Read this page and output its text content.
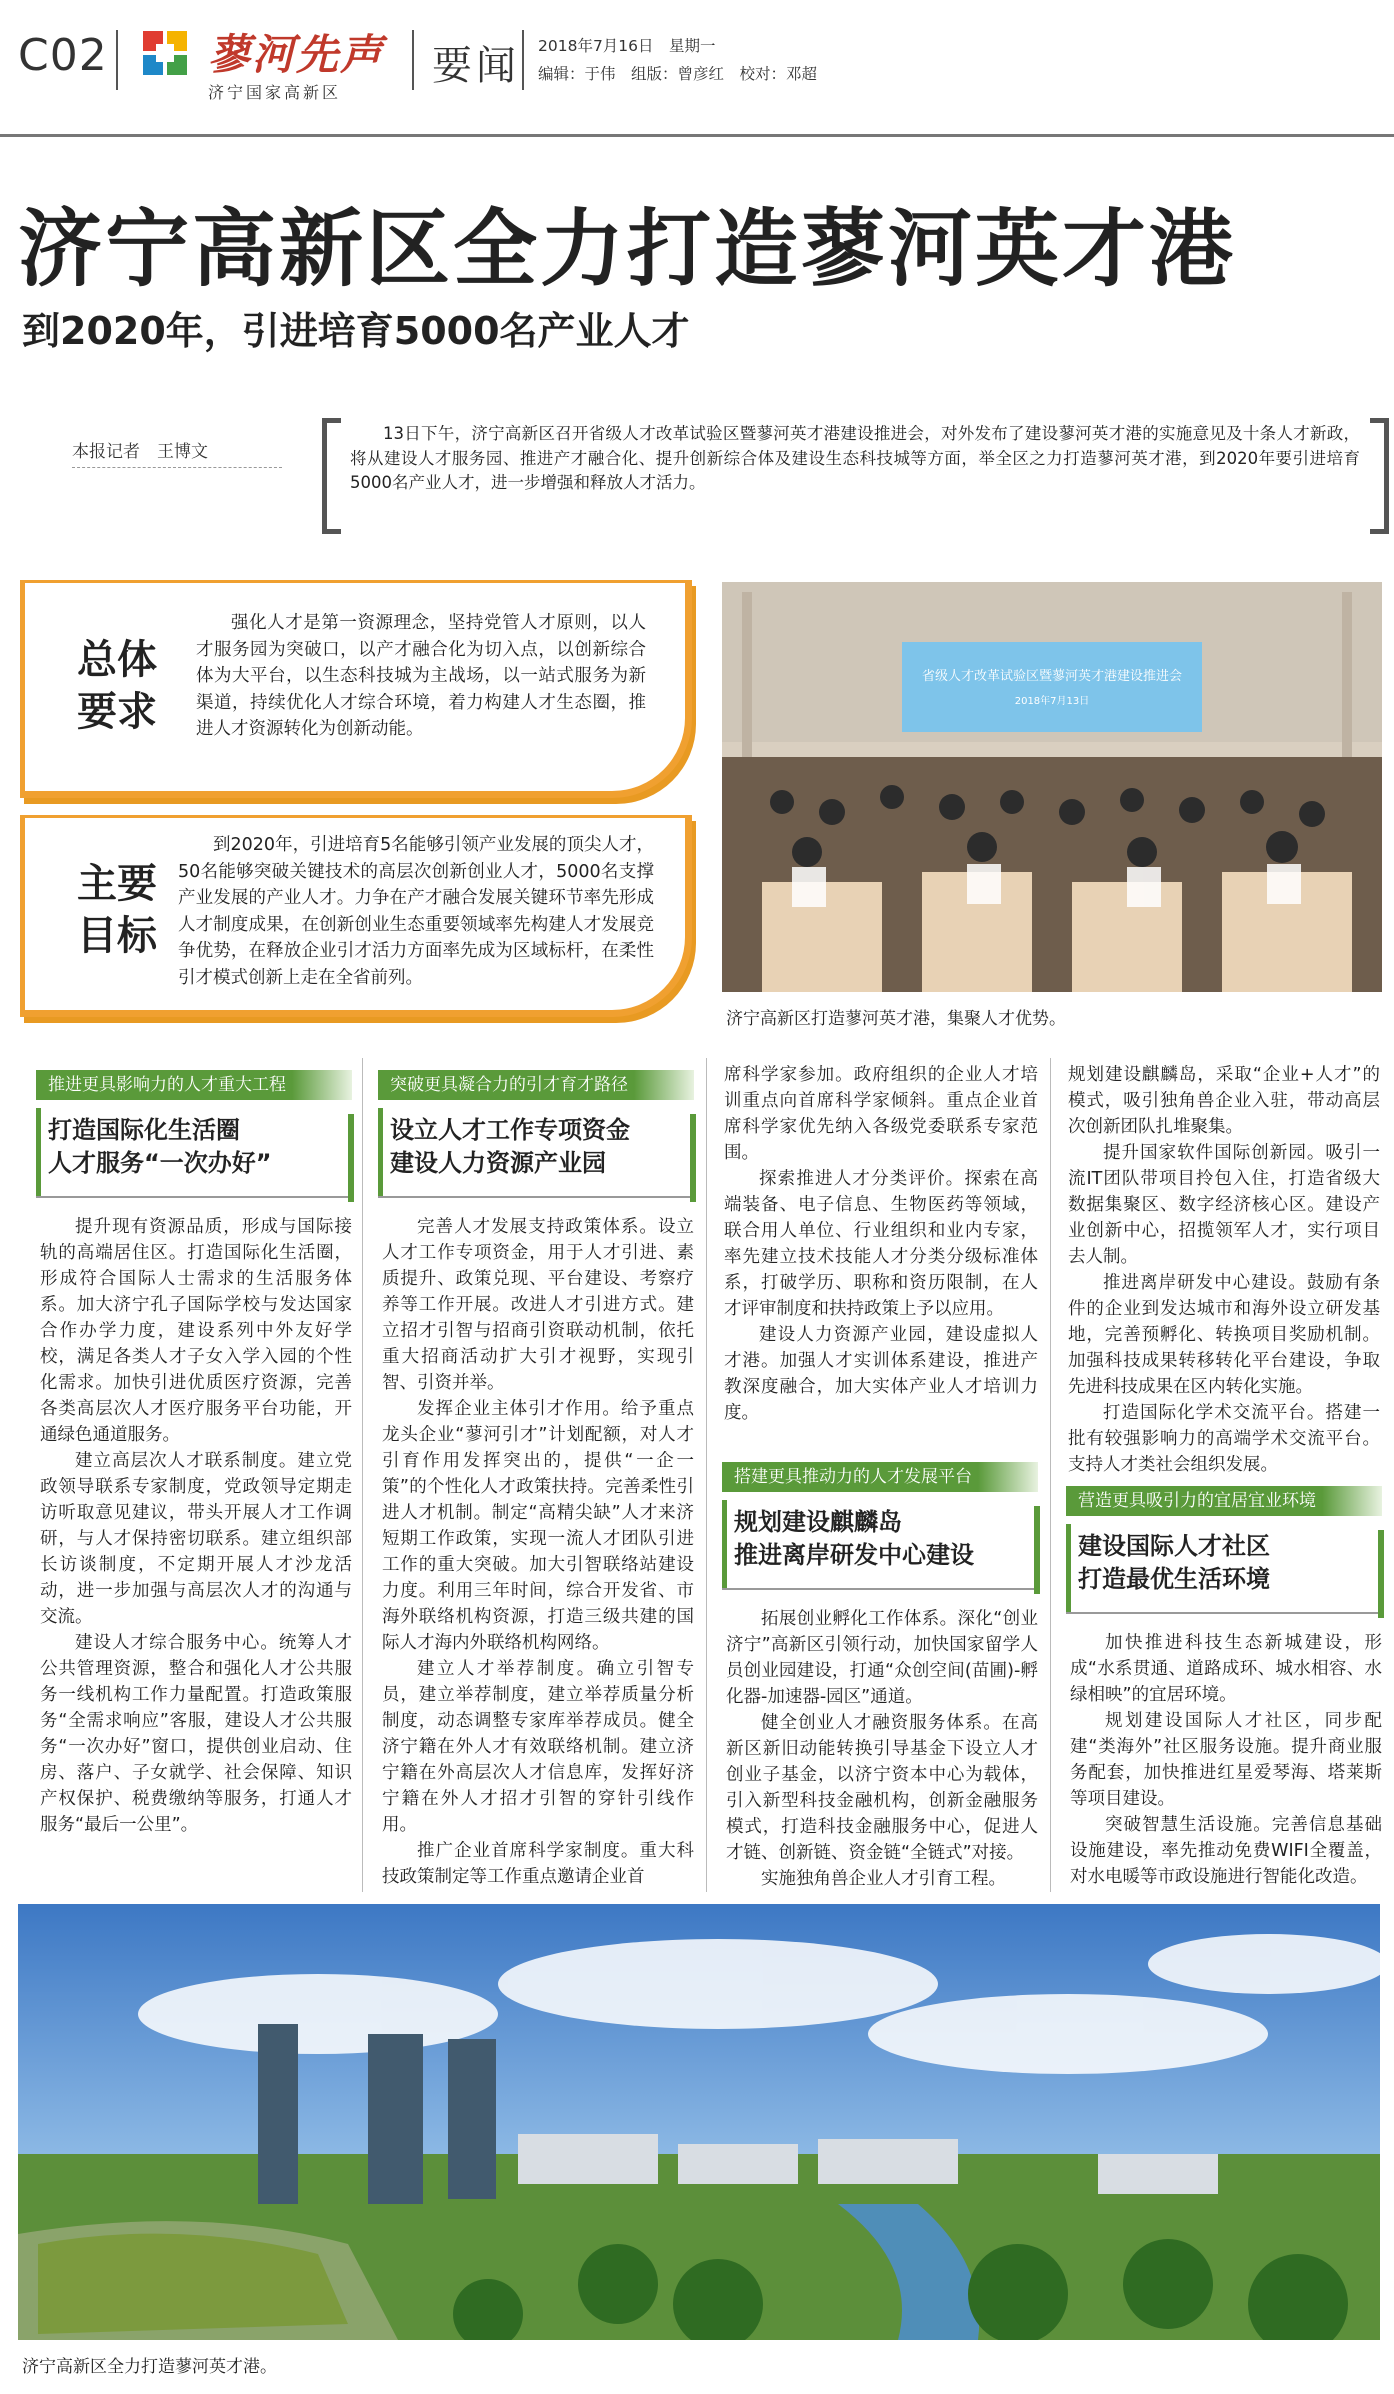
C02 蓼河先声
济宁国家高新区
要闻 2018年7月16日　星期一
编辑：于伟　组版：曾彦红　校对：邓超
济宁高新区全力打造蓼河英才港
到2020年，引进培育5000名产业人才
本报记者　王博文

13日下午，济宁高新区召开省级人才改革试验区暨蓼河英才港建设推进会，对外发布了建设蓼河英才港的实施意见及十条人才新政，将从建设人才服务园、推进产才融合化、提升创新综合体及建设生态科技城等方面，举全区之力打造蓼河英才港，到2020年要引进培育5000名产业人才，进一步增强和释放人才活力。

总体
要求

强化人才是第一资源理念，坚持党管人才原则，以人才服务园为突破口，以产才融合化为切入点，以创新综合体为大平台，以生态科技城为主战场，以一站式服务为新渠道，持续优化人才综合环境，着力构建人才生态圈，推进人才资源转化为创新动能。

主要
目标

到2020年，引进培育5名能够引领产业发展的顶尖人才，50名能够突破关键技术的高层次创新创业人才，5000名支撑产业发展的产业人才。力争在产才融合发展关键环节率先形成人才制度成果，在创新创业生态重要领域率先构建人才发展竞争优势，在释放企业引才活力方面率先成为区域标杆，在柔性引才模式创新上走在全省前列。

省级人才改革试验区暨蓼河英才港建设推进会
2018年7月13日
济宁高新区打造蓼河英才港，集聚人才优势。
推进更具影响力的人才重大工程
打造国际化生活圈
人才服务“一次办好”

提升现有资源品质，形成与国际接轨的高端居住区。打造国际化生活圈，形成符合国际人士需求的生活服务体系。加大济宁孔子国际学校与发达国家合作办学力度，建设系列中外友好学校，满足各类人才子女入学入园的个性化需求。加快引进优质医疗资源，完善各类高层次人才医疗服务平台功能，开通绿色通道服务。

建立高层次人才联系制度。建立党政领导联系专家制度，党政领导定期走访听取意见建议，带头开展人才工作调研，与人才保持密切联系。建立组织部长访谈制度，不定期开展人才沙龙活动，进一步加强与高层次人才的沟通与交流。

建设人才综合服务中心。统筹人才公共管理资源，整合和强化人才公共服务一线机构工作力量配置。打造政策服务“全需求响应”客服，建设人才公共服务“一次办好”窗口，提供创业启动、住房、落户、子女就学、社会保障、知识产权保护、税费缴纳等服务，打通人才服务“最后一公里”。

突破更具凝合力的引才育才路径
设立人才工作专项资金
建设人力资源产业园

完善人才发展支持政策体系。设立人才工作专项资金，用于人才引进、素质提升、政策兑现、平台建设、考察疗养等工作开展。改进人才引进方式。建立招才引智与招商引资联动机制，依托重大招商活动扩大引才视野，实现引智、引资并举。

发挥企业主体引才作用。给予重点龙头企业“蓼河引才”计划配额，对人才引育作用发挥突出的，提供“一企一策”的个性化人才政策扶持。完善柔性引进人才机制。制定“高精尖缺”人才来济短期工作政策，实现一流人才团队引进工作的重大突破。加大引智联络站建设力度。利用三年时间，综合开发省、市海外联络机构资源，打造三级共建的国际人才海内外联络机构网络。

建立人才举荐制度。确立引智专员，建立举荐制度，建立举荐质量分析制度，动态调整专家库举荐成员。健全济宁籍在外人才有效联络机制。建立济宁籍在外高层次人才信息库，发挥好济宁籍在外人才招才引智的穿针引线作用。

推广企业首席科学家制度。重大科技政策制定等工作重点邀请企业首

席科学家参加。政府组织的企业人才培训重点向首席科学家倾斜。重点企业首席科学家优先纳入各级党委联系专家范围。

探索推进人才分类评价。探索在高端装备、电子信息、生物医药等领域，联合用人单位、行业组织和业内专家，率先建立技术技能人才分类分级标准体系，打破学历、职称和资历限制，在人才评审制度和扶持政策上予以应用。

建设人力资源产业园，建设虚拟人才港。加强人才实训体系建设，推进产教深度融合，加大实体产业人才培训力度。

搭建更具推动力的人才发展平台
规划建设麒麟岛
推进离岸研发中心建设

拓展创业孵化工作体系。深化“创业济宁”高新区引领行动，加快国家留学人员创业园建设，打通“众创空间(苗圃)-孵化器-加速器-园区”通道。

健全创业人才融资服务体系。在高新区新旧动能转换引导基金下设立人才创业子基金，以济宁资本中心为载体，引入新型科技金融机构，创新金融服务模式，打造科技金融服务中心，促进人才链、创新链、资金链“全链式”对接。

实施独角兽企业人才引育工程。

规划建设麒麟岛，采取“企业+人才”的模式，吸引独角兽企业入驻，带动高层次创新团队扎堆聚集。

提升国家软件国际创新园。吸引一流IT团队带项目拎包入住，打造省级大数据集聚区、数字经济核心区。建设产业创新中心，招揽领军人才，实行项目去人制。

推进离岸研发中心建设。鼓励有条件的企业到发达城市和海外设立研发基地，完善预孵化、转换项目奖励机制。加强科技成果转移转化平台建设，争取先进科技成果在区内转化实施。

打造国际化学术交流平台。搭建一批有较强影响力的高端学术交流平台。支持人才类社会组织发展。

营造更具吸引力的宜居宜业环境
建设国际人才社区
打造最优生活环境

加快推进科技生态新城建设，形成“水系贯通、道路成环、城水相容、水绿相映”的宜居环境。

规划建设国际人才社区，同步配建“类海外”社区服务设施。提升商业服务配套，加快推进红星爱琴海、塔莱斯等项目建设。

突破智慧生活设施。完善信息基础设施建设，率先推动免费WIFI全覆盖，对水电暖等市政设施进行智能化改造。

济宁高新区全力打造蓼河英才港。
